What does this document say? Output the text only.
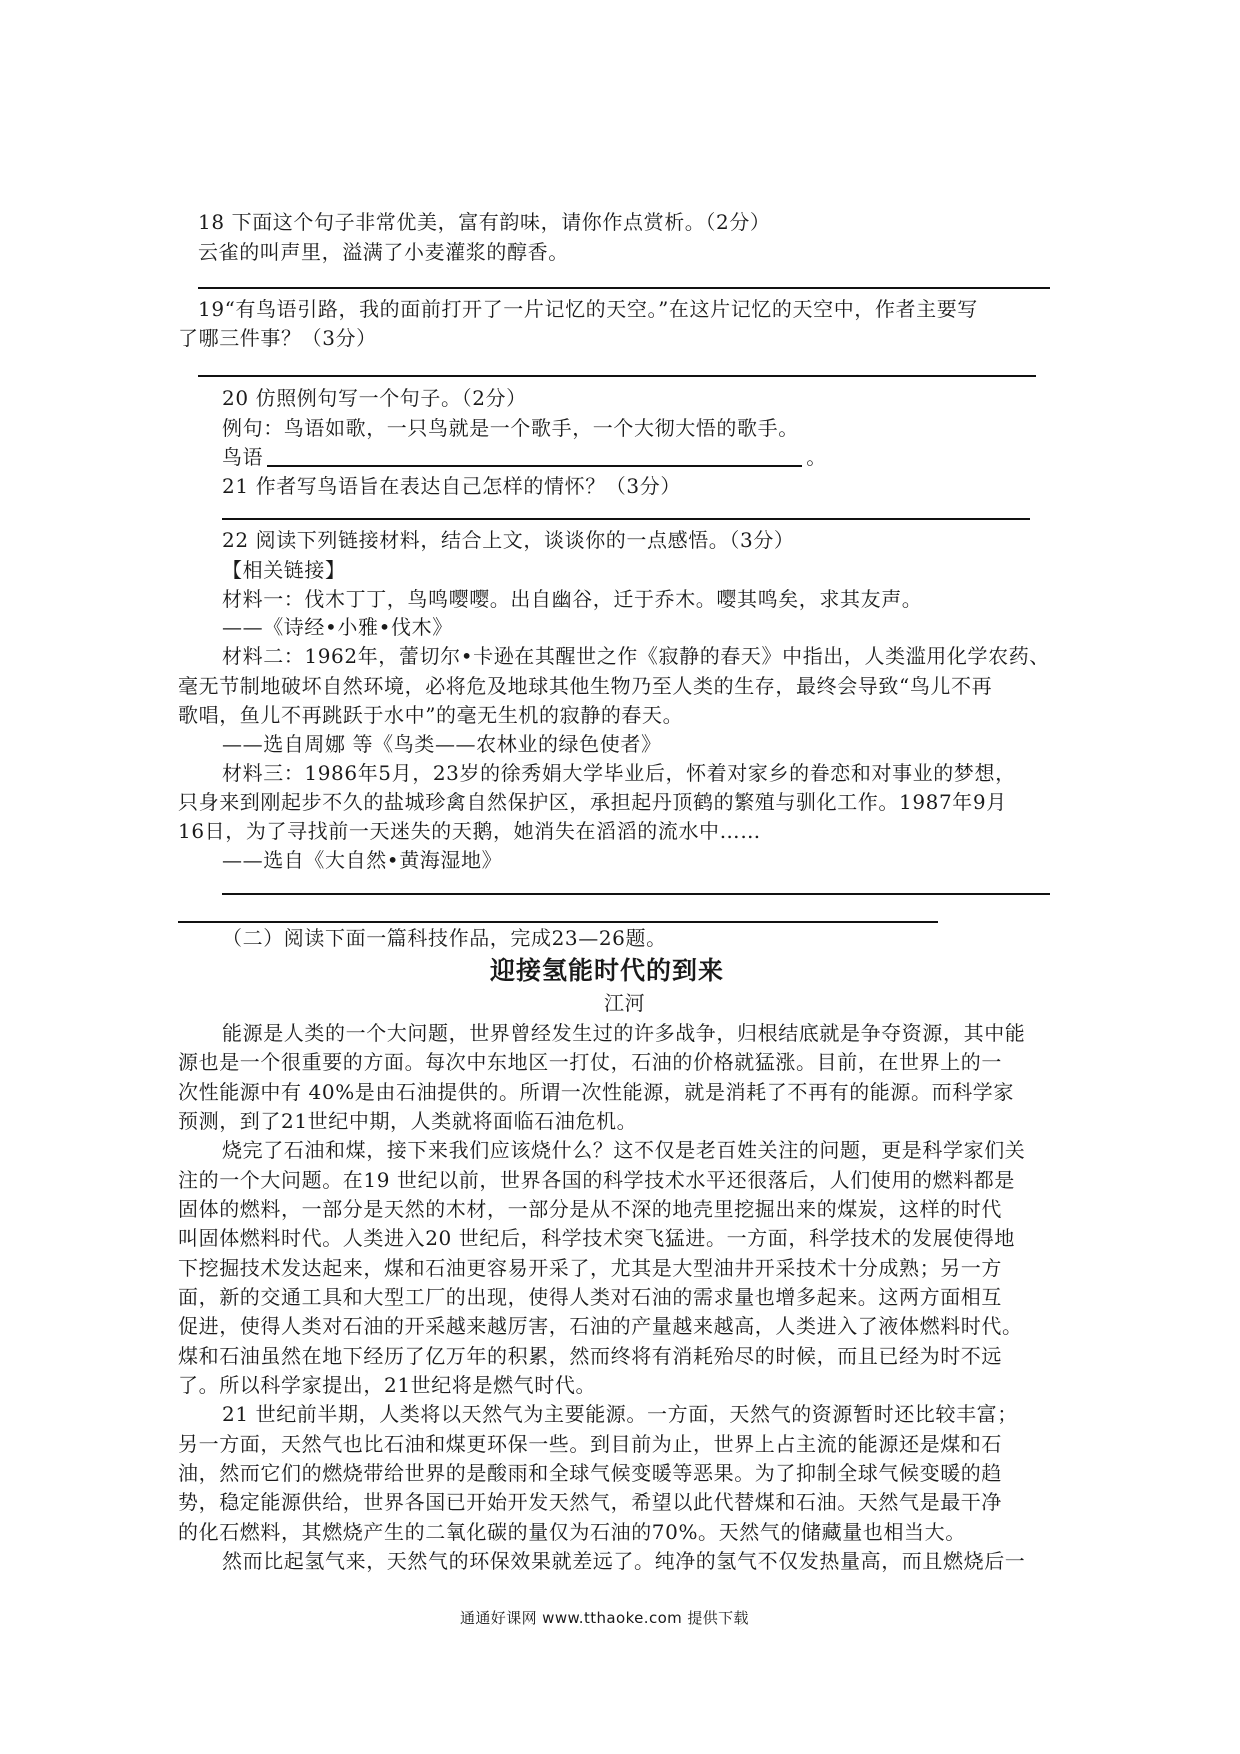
18 下面这个句子非常优美，富有韵味，请你作点赏析。（2分）
云雀的叫声里，溢满了小麦灌浆的醇香。
19“有鸟语引路，我的面前打开了一片记忆的天空。”在这片记忆的天空中，作者主要写
了哪三件事？（3分）
20 仿照例句写一个句子。（2分）
例句：鸟语如歌，一只鸟就是一个歌手，一个大彻大悟的歌手。
鸟语	。
21 作者写鸟语旨在表达自己怎样的情怀？（3分）
22 阅读下列链接材料，结合上文，谈谈你的一点感悟。（3分）
【相关链接】
材料一：伐木丁丁，鸟鸣嘤嘤。出自幽谷，迁于乔木。嘤其鸣矣，求其友声。
——《诗经•小雅•伐木》
材料二：1962年，蕾切尔•卡逊在其醒世之作《寂静的春天》中指出，人类滥用化学农药、
毫无节制地破坏自然环境，必将危及地球其他生物乃至人类的生存，最终会导致“鸟儿不再
歌唱，鱼儿不再跳跃于水中”的毫无生机的寂静的春天。
——选自周娜 等《鸟类——农林业的绿色使者》
材料三：1986年5月，23岁的徐秀娟大学毕业后，怀着对家乡的眷恋和对事业的梦想，
只身来到刚起步不久的盐城珍禽自然保护区，承担起丹顶鹤的繁殖与驯化工作。1987年9月
16日，为了寻找前一天迷失的天鹅，她消失在滔滔的流水中……
——选自《大自然•黄海湿地》
（二）阅读下面一篇科技作品，完成23—26题。
迎接氢能时代的到来
江河
能源是人类的一个大问题，世界曾经发生过的许多战争，归根结底就是争夺资源，其中能
源也是一个很重要的方面。每次中东地区一打仗，石油的价格就猛涨。目前，在世界上的一
次性能源中有 40%是由石油提供的。所谓一次性能源，就是消耗了不再有的能源。而科学家
预测，到了21世纪中期，人类就将面临石油危机。
烧完了石油和煤，接下来我们应该烧什么？这不仅是老百姓关注的问题，更是科学家们关
注的一个大问题。在19 世纪以前，世界各国的科学技术水平还很落后，人们使用的燃料都是
固体的燃料，一部分是天然的木材，一部分是从不深的地壳里挖掘出来的煤炭，这样的时代
叫固体燃料时代。人类进入20 世纪后，科学技术突飞猛进。一方面，科学技术的发展使得地
下挖掘技术发达起来，煤和石油更容易开采了，尤其是大型油井开采技术十分成熟；另一方
面，新的交通工具和大型工厂的出现，使得人类对石油的需求量也增多起来。这两方面相互
促进，使得人类对石油的开采越来越厉害，石油的产量越来越高，人类进入了液体燃料时代。
煤和石油虽然在地下经历了亿万年的积累，然而终将有消耗殆尽的时候，而且已经为时不远
了。所以科学家提出，21世纪将是燃气时代。
21 世纪前半期，人类将以天然气为主要能源。一方面，天然气的资源暂时还比较丰富；
另一方面，天然气也比石油和煤更环保一些。到目前为止，世界上占主流的能源还是煤和石
油，然而它们的燃烧带给世界的是酸雨和全球气候变暖等恶果。为了抑制全球气候变暖的趋
势，稳定能源供给，世界各国已开始开发天然气，希望以此代替煤和石油。天然气是最干净
的化石燃料，其燃烧产生的二氧化碳的量仅为石油的70%。天然气的储藏量也相当大。
然而比起氢气来，天然气的环保效果就差远了。纯净的氢气不仅发热量高，而且燃烧后一
通通好课网 www.tthaoke.com 提供下载
